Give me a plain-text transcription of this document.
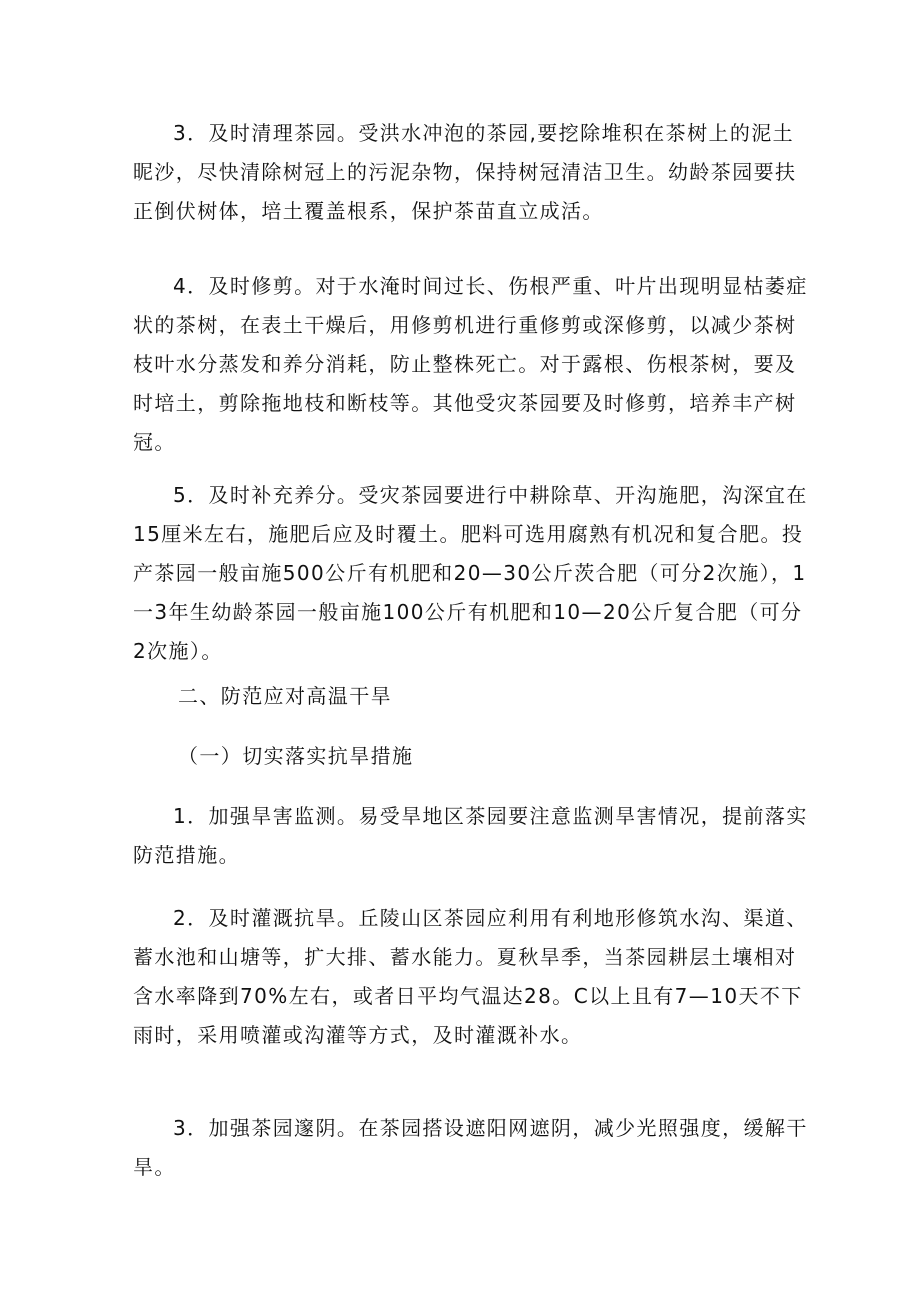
3．及时清理茶园。受洪水冲泡的茶园,要挖除堆积在茶树上的泥土昵沙，尽快清除树冠上的污泥杂物，保持树冠清洁卫生。幼龄茶园要扶正倒伏树体，培土覆盖根系，保护茶苗直立成活。

4．及时修剪。对于水淹时间过长、伤根严重、叶片出现明显枯萎症状的茶树，在表土干燥后，用修剪机进行重修剪或深修剪，以减少茶树枝叶水分蒸发和养分消耗，防止整株死亡。对于露根、伤根茶树，要及时培土，剪除拖地枝和断枝等。其他受灾茶园要及时修剪，培养丰产树冠。

5．及时补充养分。受灾茶园要进行中耕除草、开沟施肥，沟深宜在15厘米左右，施肥后应及时覆土。肥料可选用腐熟有机况和复合肥。投产茶园一般亩施500公斤有机肥和20—30公斤茨合肥（可分2次施），1一3年生幼龄茶园一般亩施100公斤有机肥和10—20公斤复合肥（可分2次施）。

二、防范应对高温干旱

（一）切实落实抗旱措施

1．加强旱害监测。易受旱地区茶园要注意监测旱害情况，提前落实防范措施。

2．及时灌溉抗旱。丘陵山区茶园应利用有利地形修筑水沟、渠道、蓄水池和山塘等，扩大排、蓄水能力。夏秋旱季，当茶园耕层土壤相对含水率降到70%左右，或者日平均气温达28。C以上且有7—10天不下雨时，采用喷灌或沟灌等方式，及时灌溉补水。

3．加强茶园邃阴。在茶园搭设遮阳网遮阴，减少光照强度，缓解干旱。
